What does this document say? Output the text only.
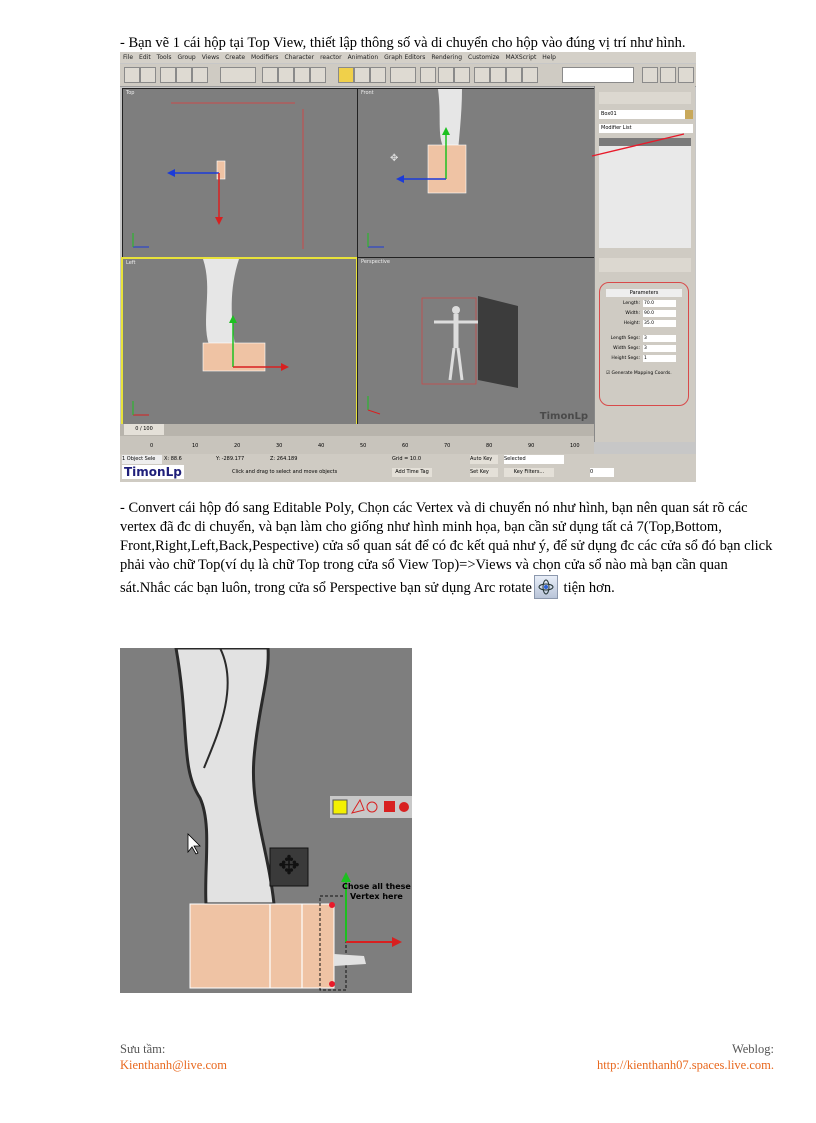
- Bạn vẽ 1 cái hộp tại Top View, thiết lập thông số và di chuyển cho hộp vào đúng vị trí như hình.
File Edit Tools Group Views Create Modifiers Character reactor Animation Graph Editors Rendering Customize MAXScript Help
Top	Front
✥
Left	Perspective
TimonLp
Box01
Modifier List
Parameters
Length: 70.0
Width: 90.0
Height: 35.0
Length Segs: 3
Width Segs: 3
Height Segs: 1
☑ Generate Mapping Coords.
0 / 100
0	10	20	30	40	50	60	70	80	90	100
1 Object Sele	X: 88.6	Y: -289.177	Z: 264.189	Grid = 10.0
Add Time Tag
Click and drag to select and move objects
Auto Key	Selected
Set Key	Key Filters...	0
TimonLp
- Convert cái hộp đó sang Editable Poly, Chọn các Vertex và di chuyển nó như hình, bạn nên quan sát rõ các vertex đã đc di chuyển, và bạn làm cho giống như hình minh họa, bạn cần sử dụng tất cả 7(Top,Bottom, Front,Right,Left,Back,Pespective) cửa sổ quan sát để có đc kết quả như ý, để sử dụng đc các cửa sổ đó bạn click phải vào chữ Top(ví dụ là chữ Top trong cửa sổ View Top)=>Views và chọn cửa sổ nào mà bạn cần quan sát.Nhắc các bạn luôn, trong cửa sổ Perspective bạn sử dụng Arc rotate tiện hơn.
✥
Chose all these
Vertex here
Sưu tầm:
Kienthanh@live.com
Weblog:
http://kienthanh07.spaces.live.com.
